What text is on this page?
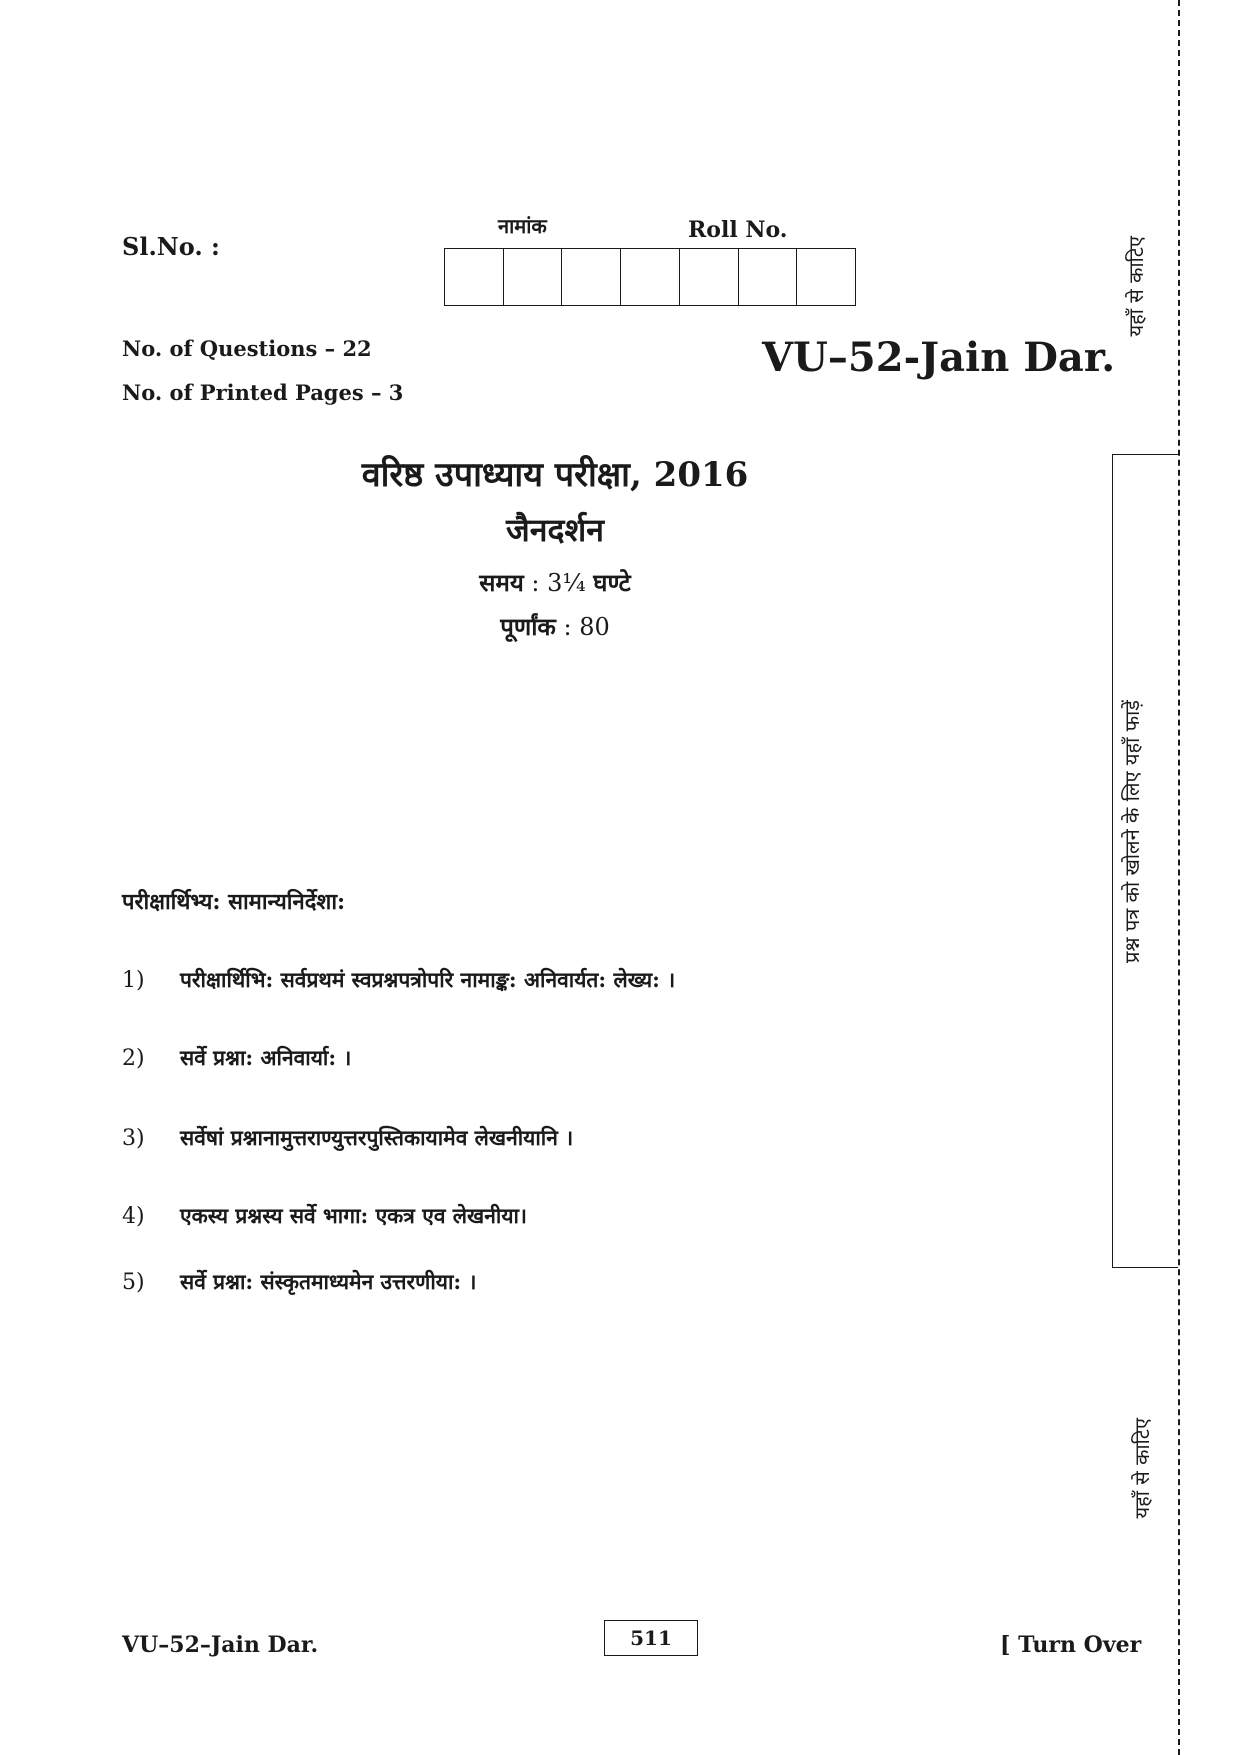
Sl.No. :
नामांक	Roll No.
No. of Questions – 22
No. of Printed Pages – 3
VU–52-Jain Dar.
वरिष्ठ उपाध्याय परीक्षा, 2016
जैनदर्शन
समय : 3¼ घण्टे
पूर्णांक : 80
परीक्षार्थिभ्य: सामान्यनिर्देशा:
1)	परीक्षार्थिभि: सर्वप्रथमं स्वप्रश्नपत्रोपरि नामाङ्क: अनिवार्यत: लेख्य: ।
2)	सर्वे प्रश्ना: अनिवार्या: ।
3)	सर्वेषां प्रश्नानामुत्तराण्युत्तरपुस्तिकायामेव लेखनीयानि ।
4)	एकस्य प्रश्नस्य सर्वे भागा: एकत्र एव लेखनीया।
5)	सर्वे प्रश्ना: संस्कृतमाध्यमेन उत्तरणीया: ।
VU–52–Jain Dar.	511	[ Turn Over
यहाँ से काटिए
प्रश्न पत्र को खोलने के लिए यहाँ फाड़ें
यहाँ से काटिए
